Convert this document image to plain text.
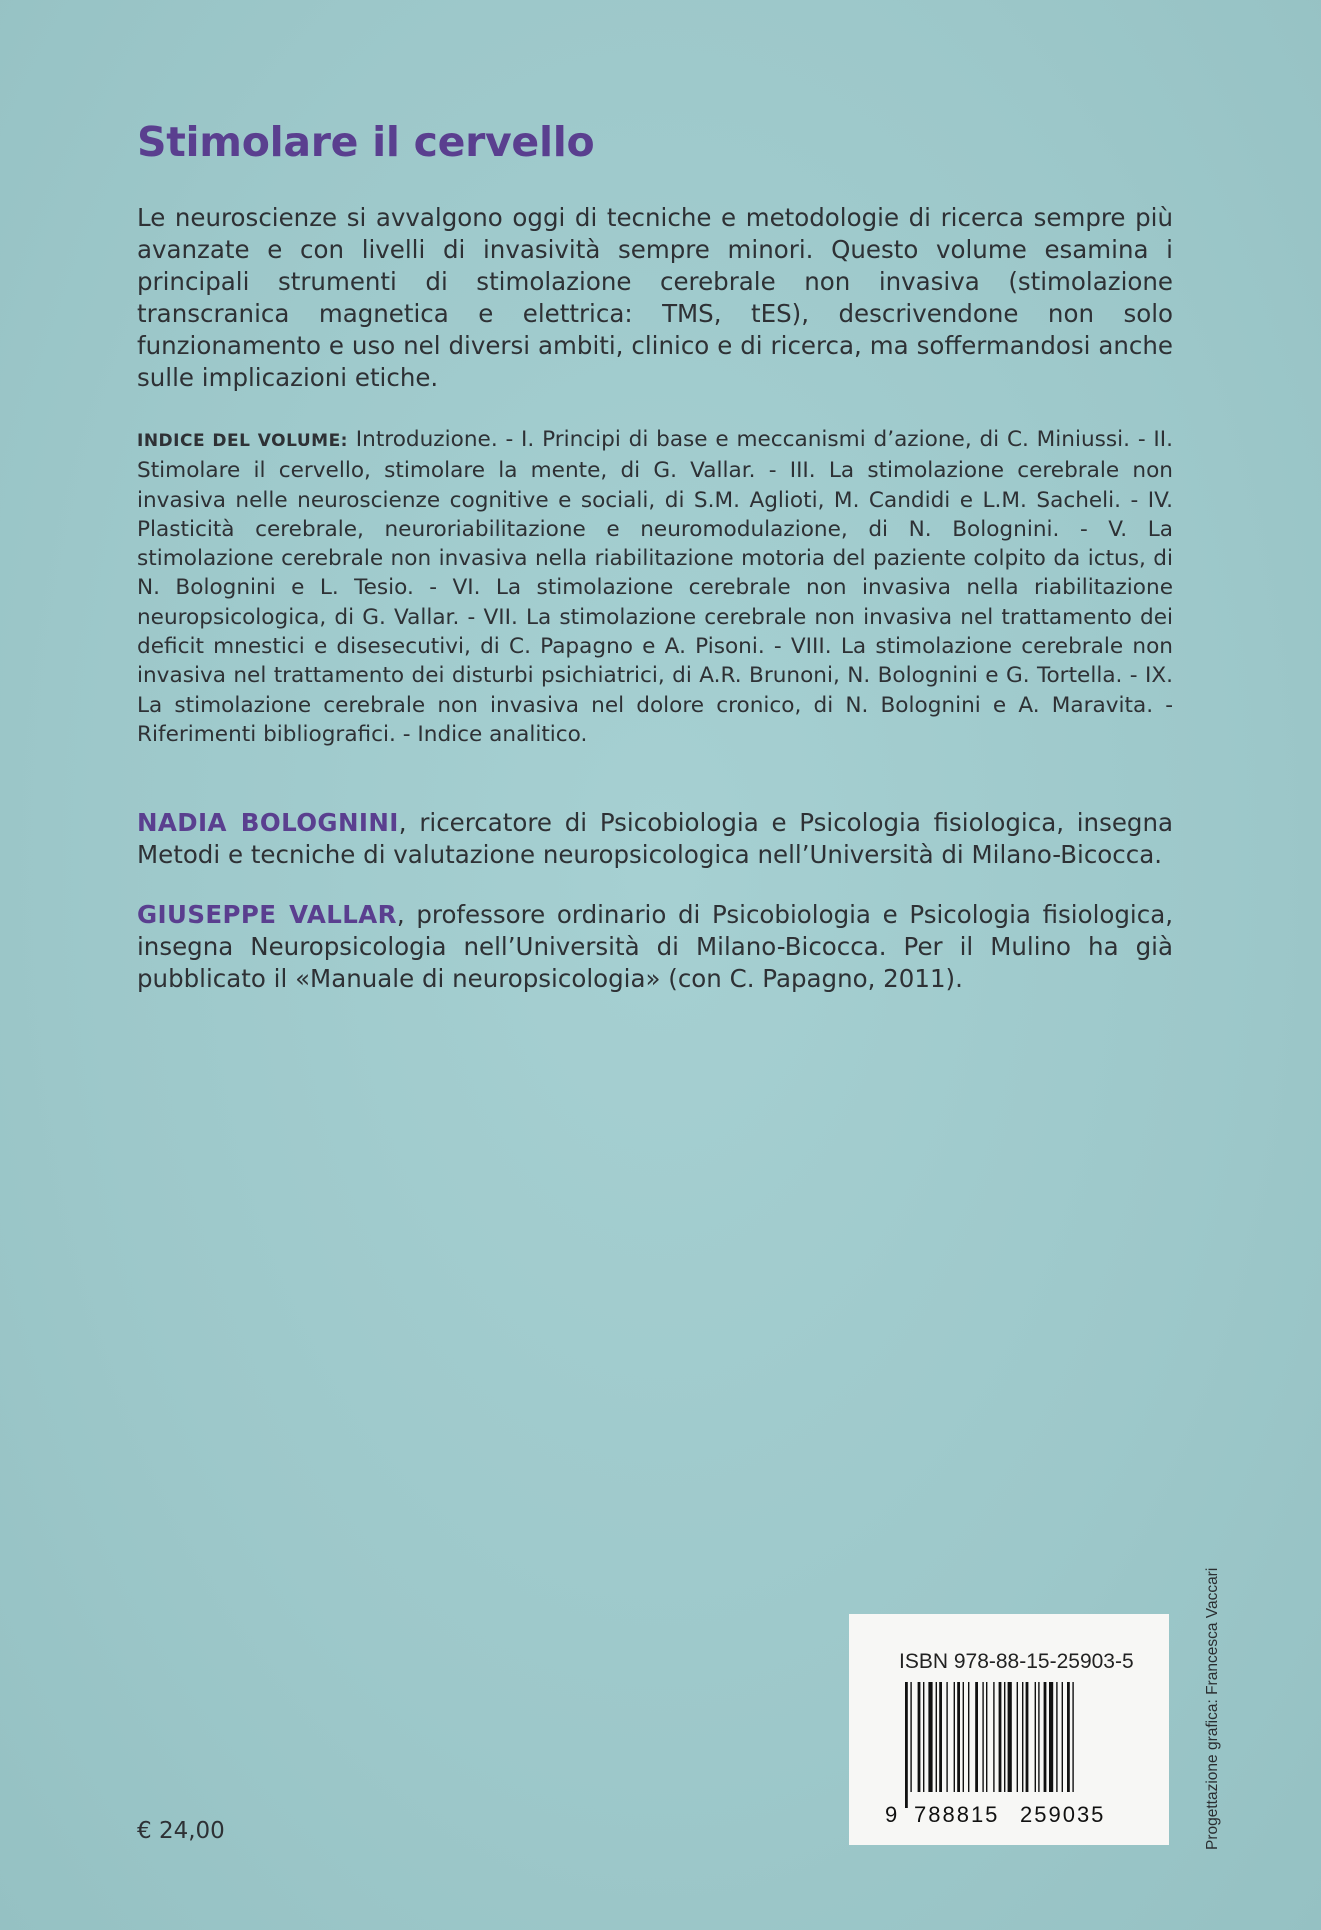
Stimolare il cervello
Le neuroscienze si avvalgono oggi di tecniche e metodologie di ricerca sempre più avanzate e con livelli di invasività sempre minori. Questo volume esamina i principali strumenti di stimolazione cerebrale non invasiva (stimolazione transcranica magnetica e elettrica: TMS, tES), descrivendone non solo funzionamento e uso nel diversi ambiti, clinico e di ricerca, ma soffermandosi anche sulle implicazioni etiche.
INDICE DEL VOLUME: Introduzione. - I. Principi di base e meccanismi d’azione, di C. Miniussi. - II. Stimolare il cervello, stimolare la mente, di G. Vallar. - III. La stimolazione cerebrale non invasiva nelle neuroscienze cognitive e sociali, di S.M. Aglioti, M. Candidi e L.M. Sacheli. - IV. Plasticità cerebrale, neuroriabilitazione e neuromodulazione, di N. Bolognini. - V. La stimolazione cerebrale non invasiva nella riabilitazione motoria del paziente colpito da ictus, di N. Bolognini e L. Tesio. - VI. La stimolazione cerebrale non invasiva nella riabilitazione neuropsicologica, di G. Vallar. - VII. La stimolazione cerebrale non invasiva nel trattamento dei deficit mnestici e disesecutivi, di C. Papagno e A. Pisoni. - VIII. La stimolazione cerebrale non invasiva nel trattamento dei disturbi psichiatrici, di A.R. Brunoni, N. Bolognini e G. Tortella. - IX. La stimolazione cerebrale non invasiva nel dolore cronico, di N. Bolognini e A. Maravita. - Riferimenti bibliografici. - Indice analitico.
NADIA BOLOGNINI, ricercatore di Psicobiologia e Psicologia fisiologica, insegna Metodi e tecniche di valutazione neuropsicologica nell’Università di Milano-Bicocca.
GIUSEPPE VALLAR, professore ordinario di Psicobiologia e Psicologia fisiologica, insegna Neuropsicologia nell’Università di Milano-Bicocca. Per il Mulino ha già pubblicato il «Manuale di neuropsicologia» (con C. Papagno, 2011).
€ 24,00
ISBN 978-88-15-25903-5
9 788815 259035	Progettazione grafica: Francesca Vaccari
